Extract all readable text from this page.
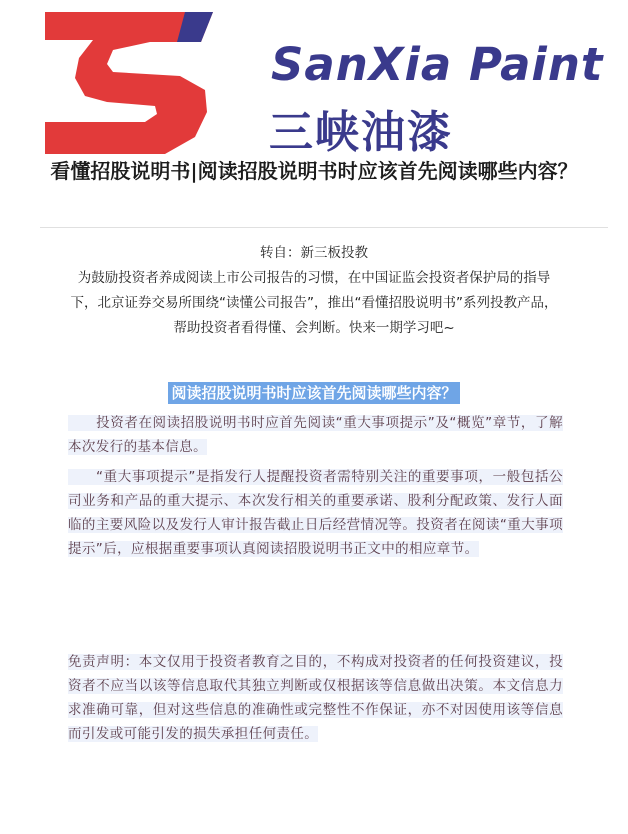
SanXia Paint
三峡油漆
看懂招股说明书|阅读招股说明书时应该首先阅读哪些内容？
转自：新三板投教
为鼓励投资者养成阅读上市公司报告的习惯，在中国证监会投资者保护局的指导下，北京证券交易所围绕“读懂公司报告”，推出“看懂招股说明书”系列投教产品，帮助投资者看得懂、会判断。快来一期学习吧~
阅读招股说明书时应该首先阅读哪些内容？
投资者在阅读招股说明书时应首先阅读“重大事项提示”及“概览”章节，了解本次发行的基本信息。
“重大事项提示”是指发行人提醒投资者需特别关注的重要事项，一般包括公司业务和产品的重大提示、本次发行相关的重要承诺、股利分配政策、发行人面临的主要风险以及发行人审计报告截止日后经营情况等。投资者在阅读“重大事项提示”后，应根据重要事项认真阅读招股说明书正文中的相应章节。
免责声明：本文仅用于投资者教育之目的，不构成对投资者的任何投资建议，投资者不应当以该等信息取代其独立判断或仅根据该等信息做出决策。本文信息力求准确可靠，但对这些信息的准确性或完整性不作保证，亦不对因使用该等信息而引发或可能引发的损失承担任何责任。
